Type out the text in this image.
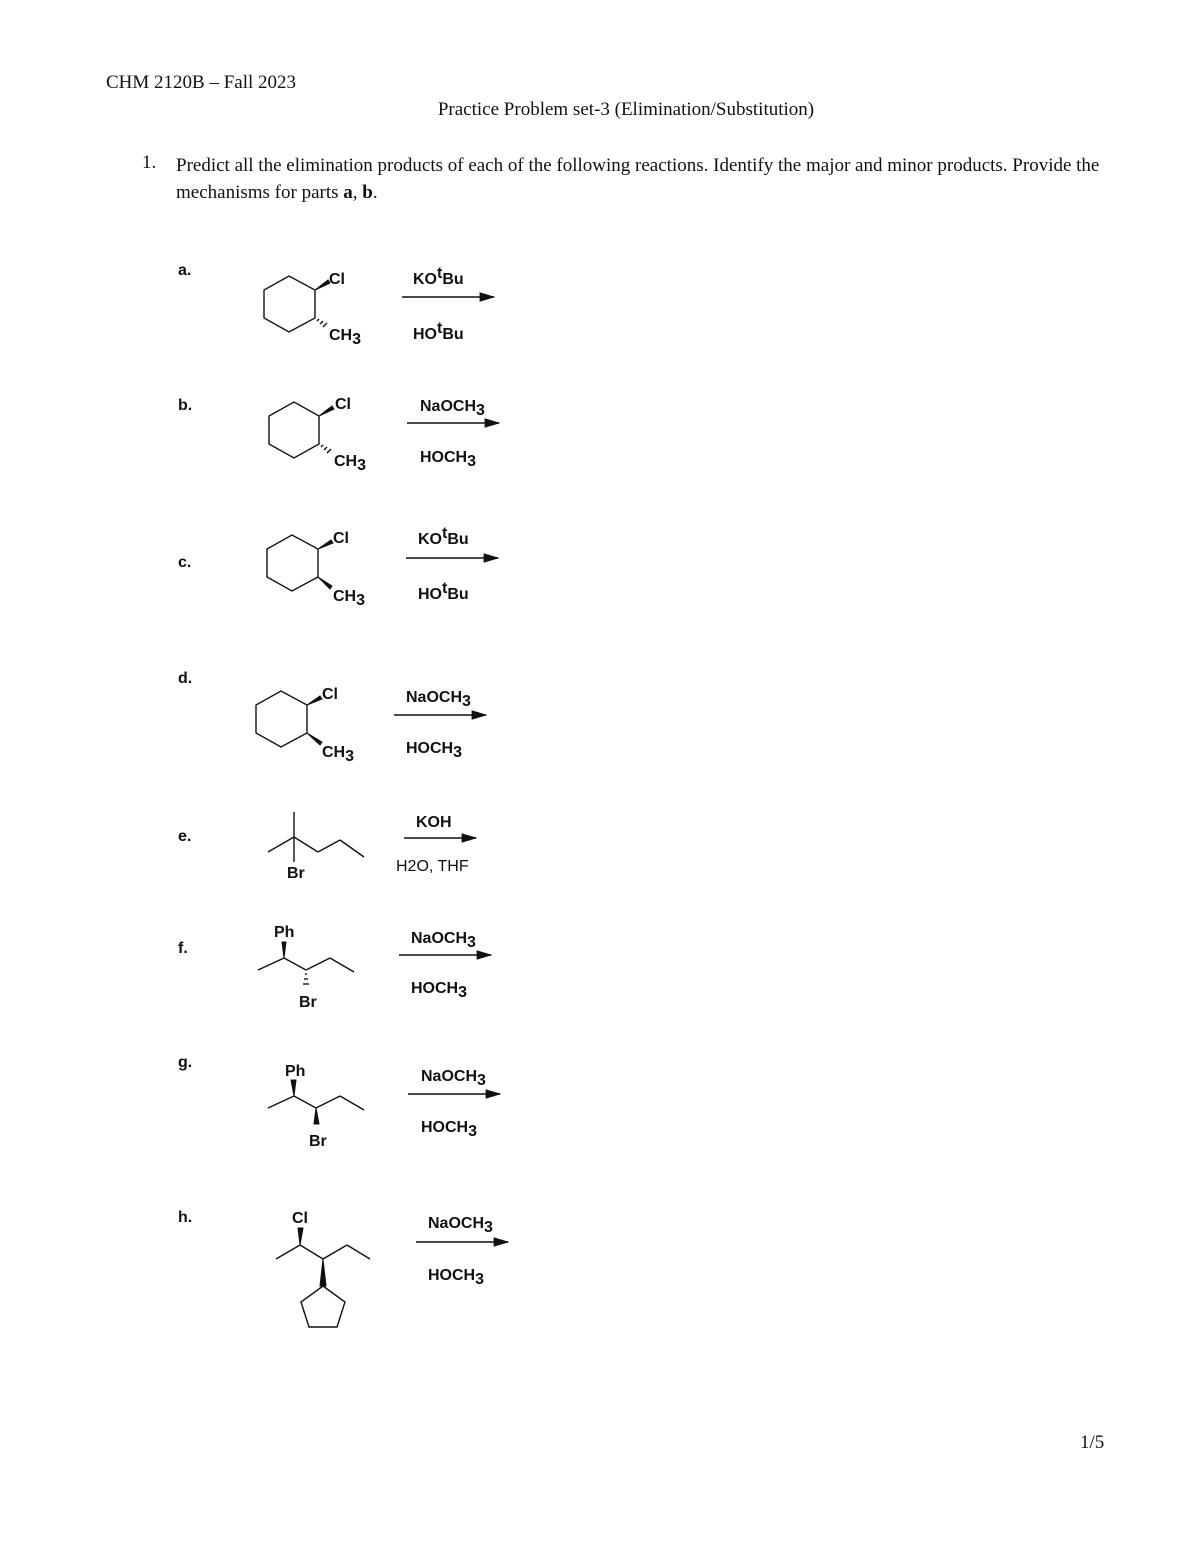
CHM 2120B – Fall 2023
Practice Problem set-3 (Elimination/Substitution)
1. Predict all the elimination products of each of the following reactions. Identify the major and minor products. Provide the mechanisms for parts a, b.
a.
b.
c.
d.
e.
f.
g.
h.
Cl
CH3
KOtBu
HOtBu
Cl
CH3
NaOCH3
HOCH3
Cl
CH3
KOtBu
HOtBu
Cl
CH3
NaOCH3
HOCH3
Br
KOH
H2O, THF
Ph
Br
NaOCH3
HOCH3
Ph
Br
NaOCH3
HOCH3
Cl	NaOCH3
HOCH3
1/5
